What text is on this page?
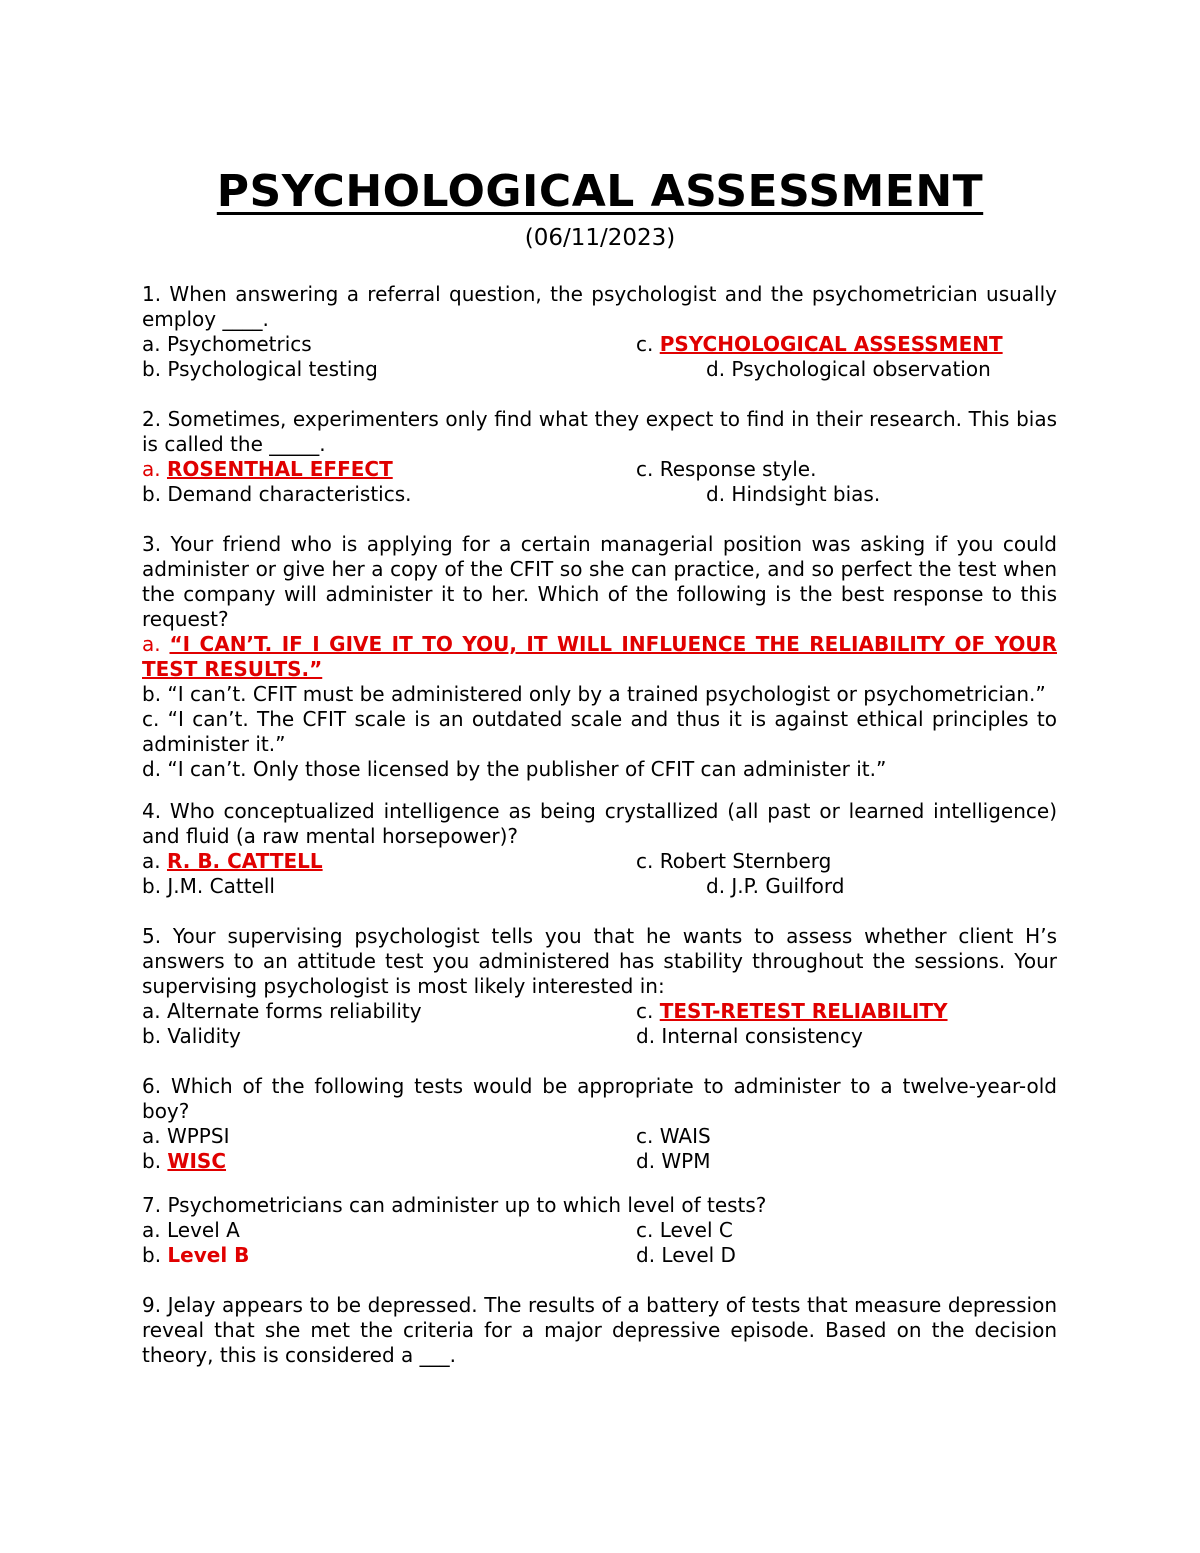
PSYCHOLOGICAL ASSESSMENT
(06/11/2023)
1. When answering a referral question, the psychologist and the psychometrician usually employ ____.
a. Psychometrics	c. PSYCHOLOGICAL ASSESSMENT
b. Psychological testing	d. Psychological observation
2. Sometimes, experimenters only find what they expect to find in their research. This bias is called the _____.
a. ROSENTHAL EFFECT	c. Response style.
b. Demand characteristics.	d. Hindsight bias.
3. Your friend who is applying for a certain managerial position was asking if you could administer or give her a copy of the CFIT so she can practice, and so perfect the test when the company will administer it to her. Which of the following is the best response to this request?
a. “I CAN’T. IF I GIVE IT TO YOU, IT WILL INFLUENCE THE RELIABILITY OF YOUR TEST RESULTS.”
b. “I can’t. CFIT must be administered only by a trained psychologist or psychometrician.”
c. “I can’t. The CFIT scale is an outdated scale and thus it is against ethical principles to administer it.”
d. “I can’t. Only those licensed by the publisher of CFIT can administer it.”
4. Who conceptualized intelligence as being crystallized (all past or learned intelligence) and fluid (a raw mental horsepower)?
a. R. B. CATTELL	c. Robert Sternberg
b. J.M. Cattell	d. J.P. Guilford
5. Your supervising psychologist tells you that he wants to assess whether client H’s answers to an attitude test you administered has stability throughout the sessions. Your supervising psychologist is most likely interested in:
a. Alternate forms reliability	c. TEST-RETEST RELIABILITY
b. Validity	d. Internal consistency
6. Which of the following tests would be appropriate to administer to a twelve-year-old boy?
a. WPPSI	c. WAIS
b. WISC	d. WPM
7. Psychometricians can administer up to which level of tests?
a. Level A	c. Level C
b. Level B	d. Level D
9. Jelay appears to be depressed. The results of a battery of tests that measure depression reveal that she met the criteria for a major depressive episode. Based on the decision theory, this is considered a ___.
